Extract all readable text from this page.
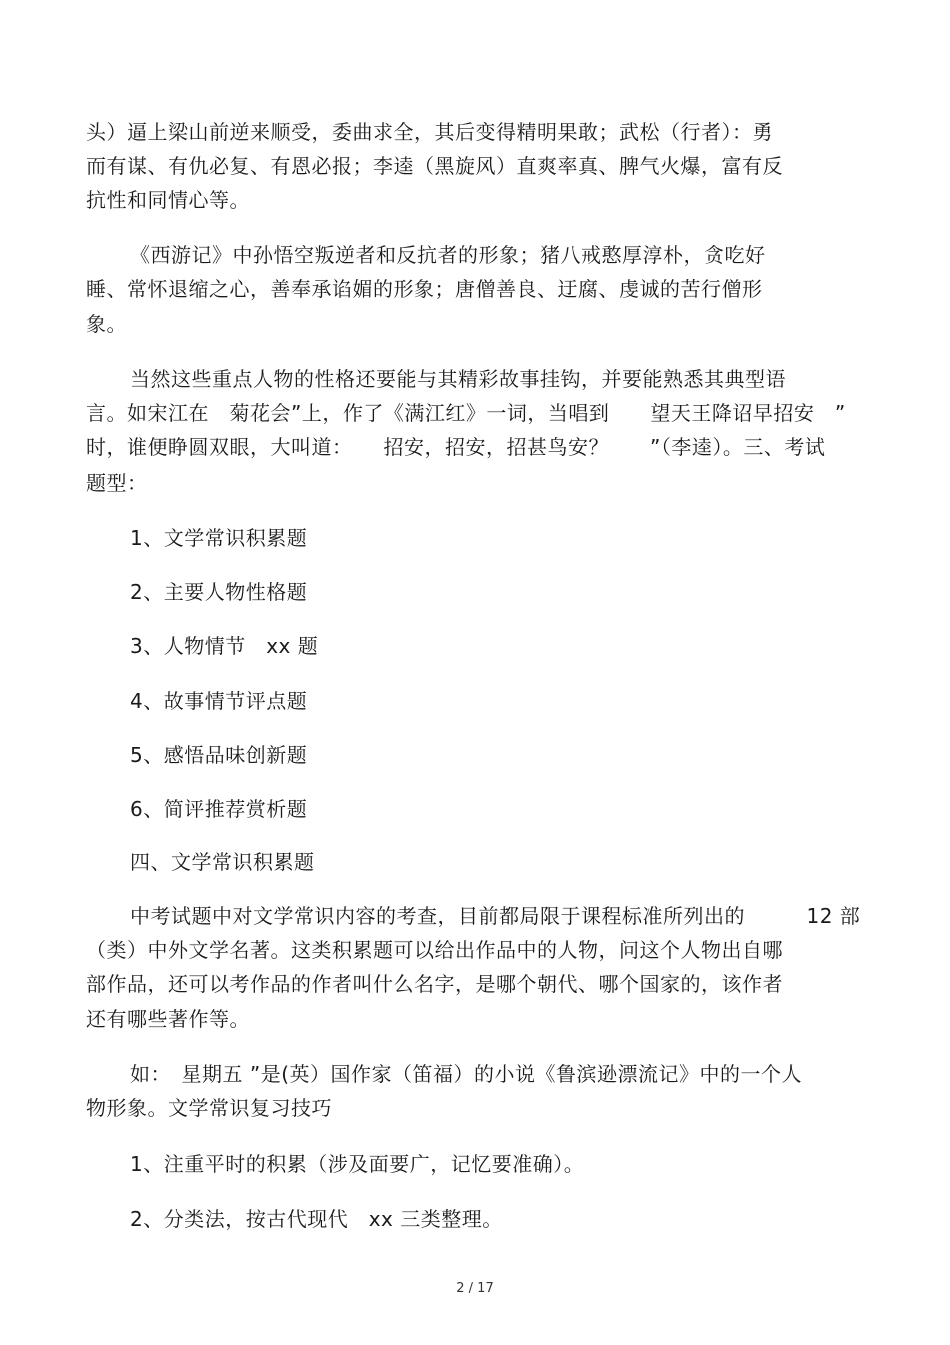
头）逼上梁山前逆来顺受，委曲求全，其后变得精明果敢；武松（行者）：勇
而有谋、有仇必复、有恩必报；李逵（黑旋风）直爽率真、脾气火爆，富有反
抗性和同情心等。
《西游记》中孙悟空叛逆者和反抗者的形象；猪八戒憨厚淳朴，贪吃好
睡、常怀退缩之心，善奉承谄媚的形象；唐僧善良、迂腐、虔诚的苦行僧形
象。
当然这些重点人物的性格还要能与其精彩故事挂钩，并要能熟悉其典型语
言。如宋江在　菊花会”上，作了《满江红》一词，当唱到　　望天王降诏早招安　”
时，谁便睁圆双眼，大叫道：　　招安，招安，招甚鸟安？　　”（李逵）。三、考试
题型：
1、文学常识积累题
2、主要人物性格题
3、人物情节　xx 题
4、故事情节评点题
5、感悟品味创新题
6、简评推荐赏析题
四、文学常识积累题
中考试题中对文学常识内容的考查，目前都局限于课程标准所列出的　　　12 部
（类）中外文学名著。这类积累题可以给出作品中的人物，问这个人物出自哪
部作品，还可以考作品的作者叫什么名字，是哪个朝代、哪个国家的，该作者
还有哪些著作等。
如：　星期五 ”是(英）国作家（笛福）的小说《鲁滨逊漂流记》中的一个人
物形象。文学常识复习技巧
1、注重平时的积累（涉及面要广，记忆要准确）。
2、分类法，按古代现代　xx 三类整理。
2 / 17
